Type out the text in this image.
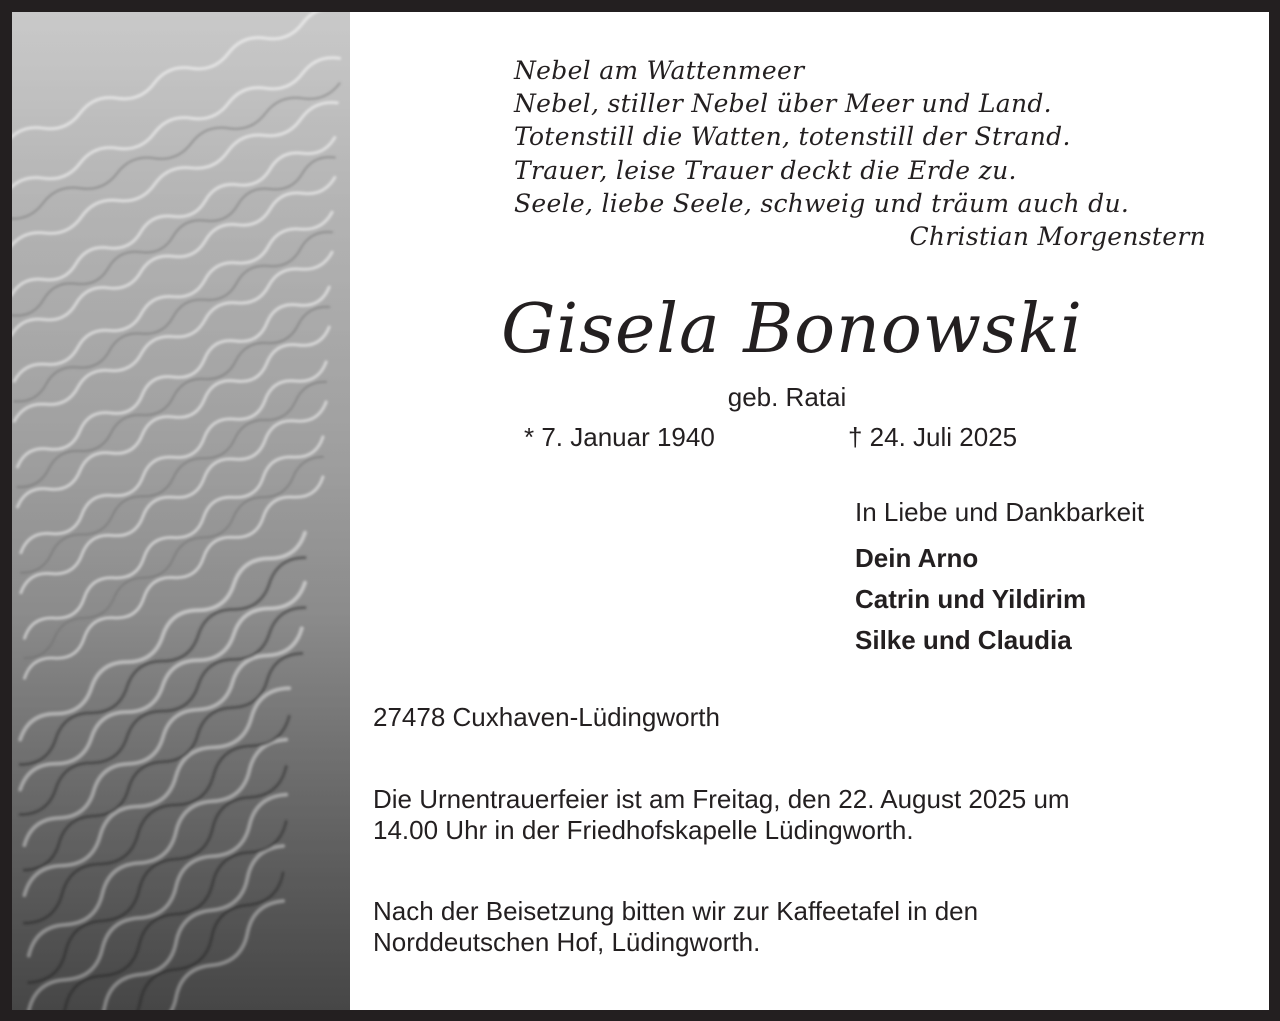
Nebel am Wattenmeer
Nebel, stiller Nebel über Meer und Land.
Totenstill die Watten, totenstill der Strand.
Trauer, leise Trauer deckt die Erde zu.
Seele, liebe Seele, schweig und träum auch du.
Christian Morgenstern
Gisela Bonowski
geb. Ratai
* 7. Januar 1940	† 24. Juli 2025
In Liebe und Dankbarkeit
Dein Arno
Catrin und Yildirim
Silke und Claudia
27478 Cuxhaven-Lüdingworth
Die Urnentrauerfeier ist am Freitag, den 22. August 2025 um
14.00 Uhr in der Friedhofskapelle Lüdingworth.
Nach der Beisetzung bitten wir zur Kaffeetafel in den
Norddeutschen Hof, Lüdingworth.
